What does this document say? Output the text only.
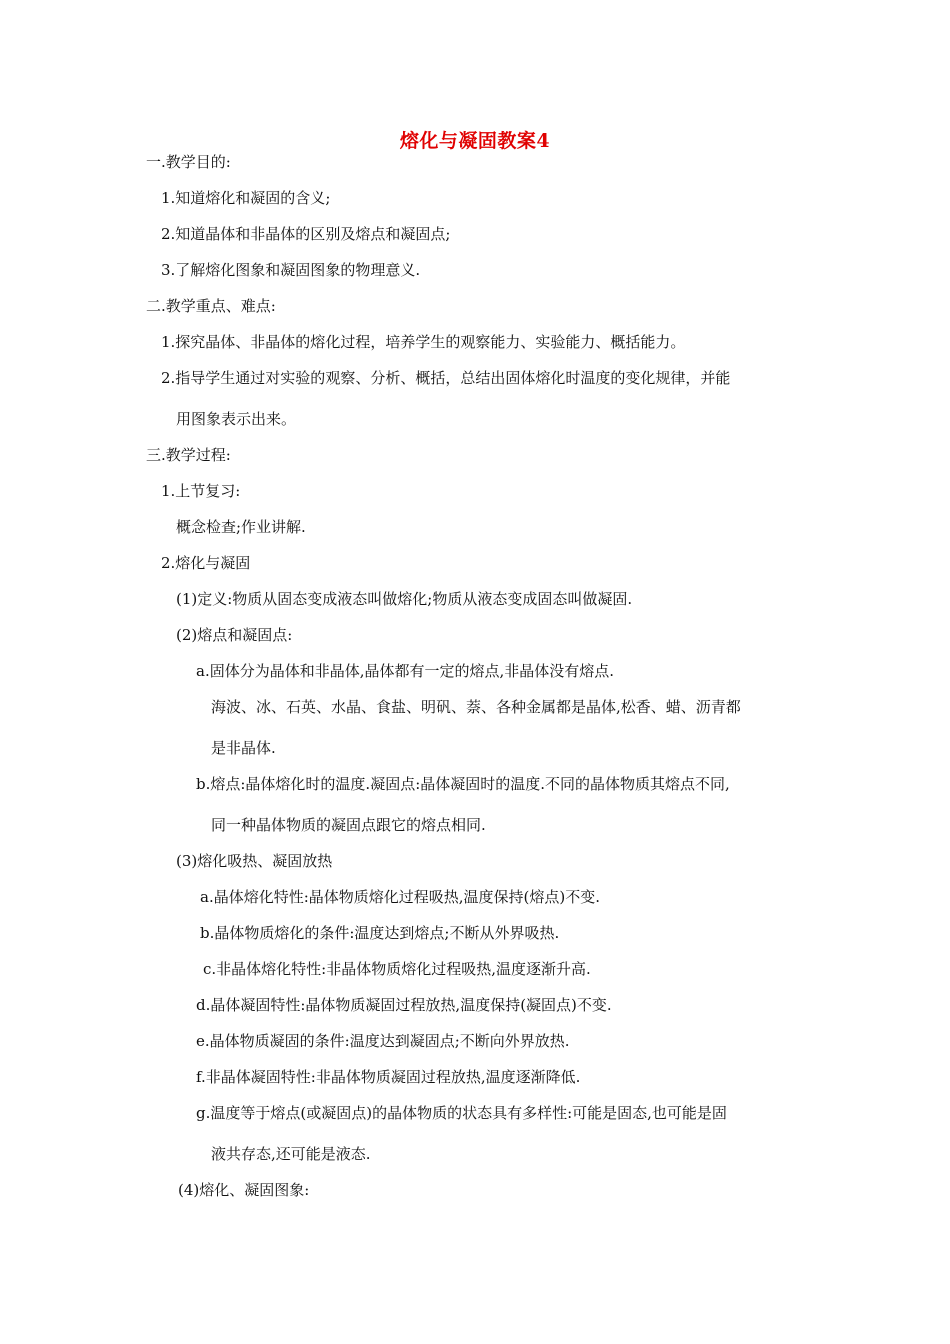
熔化与凝固教案4
一.教学目的:
1.知道熔化和凝固的含义;
2.知道晶体和非晶体的区别及熔点和凝固点;
3.了解熔化图象和凝固图象的物理意义.
二.教学重点、难点:
1.探究晶体、非晶体的熔化过程，培养学生的观察能力、实验能力、概括能力。
2.指导学生通过对实验的观察、分析、概括，总结出固体熔化时温度的变化规律，并能
用图象表示出来。
三.教学过程:
1.上节复习:
概念检查;作业讲解.
2.熔化与凝固
(1)定义:物质从固态变成液态叫做熔化;物质从液态变成固态叫做凝固.
(2)熔点和凝固点:
a.固体分为晶体和非晶体,晶体都有一定的熔点,非晶体没有熔点.
海波、冰、石英、水晶、食盐、明矾、萘、各种金属都是晶体,松香、蜡、沥青都
是非晶体.
b.熔点:晶体熔化时的温度.凝固点:晶体凝固时的温度.不同的晶体物质其熔点不同,
同一种晶体物质的凝固点跟它的熔点相同.
(3)熔化吸热、凝固放热
a.晶体熔化特性:晶体物质熔化过程吸热,温度保持(熔点)不变.
b.晶体物质熔化的条件:温度达到熔点;不断从外界吸热.
c.非晶体熔化特性:非晶体物质熔化过程吸热,温度逐渐升高.
d.晶体凝固特性:晶体物质凝固过程放热,温度保持(凝固点)不变.
e.晶体物质凝固的条件:温度达到凝固点;不断向外界放热.
f.非晶体凝固特性:非晶体物质凝固过程放热,温度逐渐降低.
g.温度等于熔点(或凝固点)的晶体物质的状态具有多样性:可能是固态,也可能是固
液共存态,还可能是液态.
(4)熔化、凝固图象:
